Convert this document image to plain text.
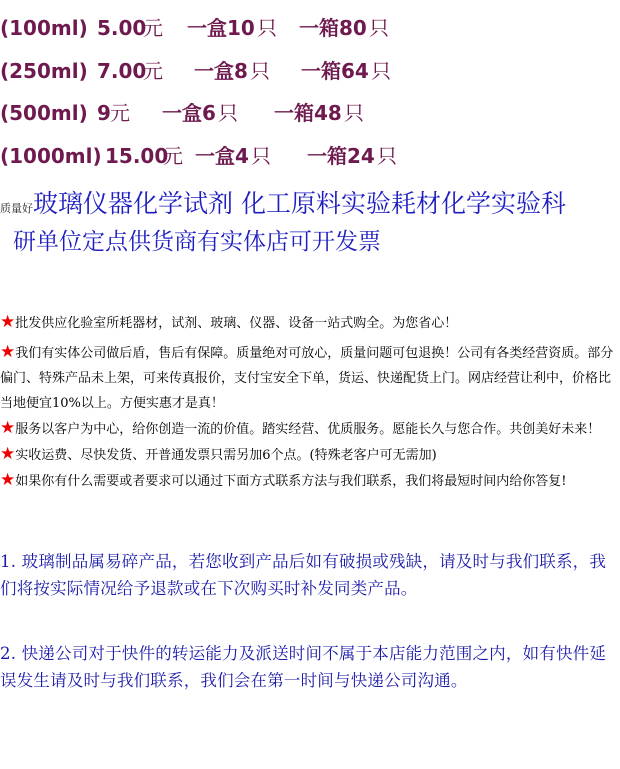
(100ml) 5.00
元 一盒10 只 一箱80 只
(250ml) 7.00
元 一盒8 只 一箱64 只
(500ml) 9 元 一盒6 只 一箱48 只
(1000ml) 15.00
元 一盒4 只 一箱24 只
质量好玻璃仪器化学试剂 化工原料实验耗材化学实验科
研单位定点供货商有实体店可开发票

★批发供应化验室所耗器材，试剂、玻璃、仪器、设备一站式购全。为您省心！

★我们有实体公司做后盾，售后有保障。质量绝对可放心，质量问题可包退换！公司有各类经营资质。部分偏门、特殊产品未上架，可来传真报价，支付宝安全下单，货运、快递配货上门。网店经营让利中，价格比当地便宜10%以上。方便实惠才是真！

★服务以客户为中心，给你创造一流的价值。踏实经营、优质服务。愿能长久与您合作。共创美好未来！

★实收运费、尽快发货、开普通发票只需另加6个点。(特殊老客户可无需加)

★如果你有什么需要或者要求可以通过下面方式联系方法与我们联系，我们将最短时间内给你答复!

1. 玻璃制品属易碎产品，若您收到产品后如有破损或残缺，请及时与我们联系，我们将按实际情况给予退款或在下次购买时补发同类产品。

2. 快递公司对于快件的转运能力及派送时间不属于本店能力范围之内，如有快件延误发生请及时与我们联系，我们会在第一时间与快递公司沟通。
